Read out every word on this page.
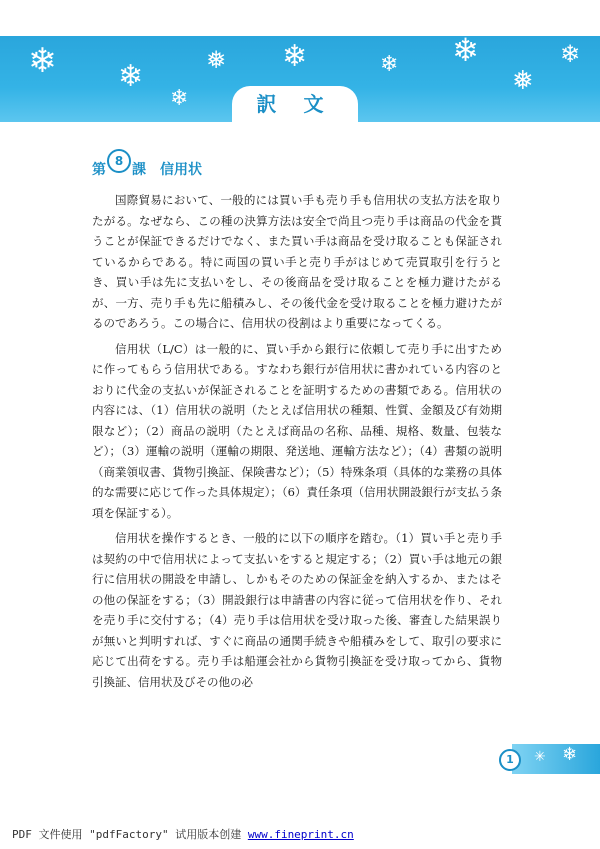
❄ ❄	❅
❄
❄	❄ ❄
❅
❄
訳 文
第
8
課 信用状

国際貿易において、一般的には買い手も売り手も信用状の支払方法を取りたがる。なぜなら、この種の決算方法は安全で尚且つ売り手は商品の代金を貰うことが保証できるだけでなく、また買い手は商品を受け取ることも保証されているからである。特に両国の買い手と売り手がはじめて売買取引を行うとき、買い手は先に支払いをし、その後商品を受け取ることを極力避けたがるが、一方、売り手も先に船積みし、その後代金を受け取ることを極力避けたがるのであろう。この場合に、信用状の役割はより重要になってくる。

信用状（L/C）は一般的に、買い手から銀行に依頼して売り手に出すために作ってもらう信用状である。すなわち銀行が信用状に書かれている内容のとおりに代金の支払いが保証されることを証明するための書類である。信用状の内容には、（1）信用状の説明（たとえば信用状の種類、性質、金額及び有効期限など）；（2）商品の説明（たとえば商品の名称、品種、規格、数量、包装など）；（3）運輸の説明（運輸の期限、発送地、運輸方法など）；（4）書類の説明（商業領収書、貨物引換証、保険書など）；（5）特殊条項（具体的な業務の具体的な需要に応じて作った具体規定）；（6）責任条項（信用状開設銀行が支払う条項を保証する）。

信用状を操作するとき、一般的に以下の順序を踏む。（1）買い手と売り手は契約の中で信用状によって支払いをすると規定する；（2）買い手は地元の銀行に信用状の開設を申請し、しかもそのための保証金を納入するか、またはその他の保証をする；（3）開設銀行は申請書の内容に従って信用状を作り、それを売り手に交付する；（4）売り手は信用状を受け取った後、審査した結果誤りが無いと判明すれば、すぐに商品の通関手続きや船積みをして、取引の要求に応じて出荷をする。売り手は船運会社から貨物引換証を受け取ってから、貨物引換証、信用状及びその他の必

✳ ❄
1
PDF 文件使用 "pdfFactory" 试用版本创建 www.fineprint.cn
